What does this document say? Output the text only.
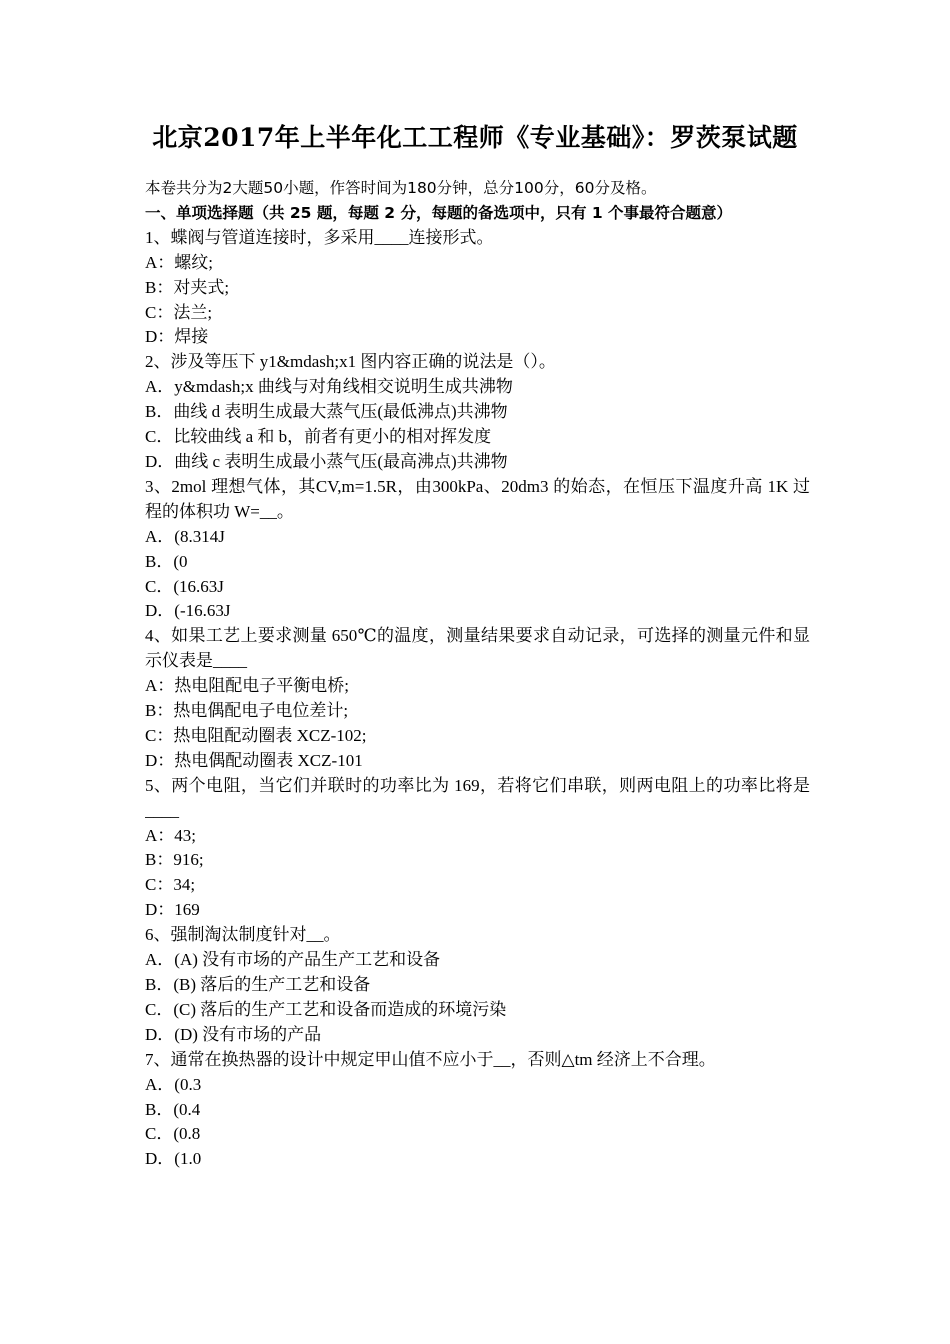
北京2017年上半年化工工程师《专业基础》：罗茨泵试题
本卷共分为2大题50小题，作答时间为180分钟，总分100分，60分及格。
一、单项选择题（共 25 题，每题 2 分，每题的备选项中，只有 1 个事最符合题意）
1、蝶阀与管道连接时，多采用____连接形式。
A：螺纹;
B：对夹式;
C：法兰;
D：焊接
2、涉及等压下 y1&mdash;x1 图内容正确的说法是（）。
A．y&mdash;x 曲线与对角线相交说明生成共沸物
B．曲线 d 表明生成最大蒸气压(最低沸点)共沸物
C．比较曲线 a 和 b，前者有更小的相对挥发度
D．曲线 c 表明生成最小蒸气压(最高沸点)共沸物
3、2mol 理想气体，其CV,m=1.5R，由300kPa、20dm3 的始态，在恒压下温度升高 1K 过程的体积功 W=__。
A．(8.314J
B．(0
C．(16.63J
D．(-16.63J
4、如果工艺上要求测量 650℃的温度，测量结果要求自动记录，可选择的测量元件和显示仪表是____
A：热电阻配电子平衡电桥;
B：热电偶配电子电位差计;
C：热电阻配动圈表 XCZ-102;
D：热电偶配动圈表 XCZ-101
5、两个电阻，当它们并联时的功率比为 169，若将它们串联，则两电阻上的功率比将是____
A：43;
B：916;
C：34;
D：169
6、强制淘汰制度针对__。
A．(A) 没有市场的产品生产工艺和设备
B．(B) 落后的生产工艺和设备
C．(C) 落后的生产工艺和设备而造成的环境污染
D．(D) 没有市场的产品
7、通常在换热器的设计中规定甲山值不应小于__，否则△tm 经济上不合理。
A．(0.3
B．(0.4
C．(0.8
D．(1.0
